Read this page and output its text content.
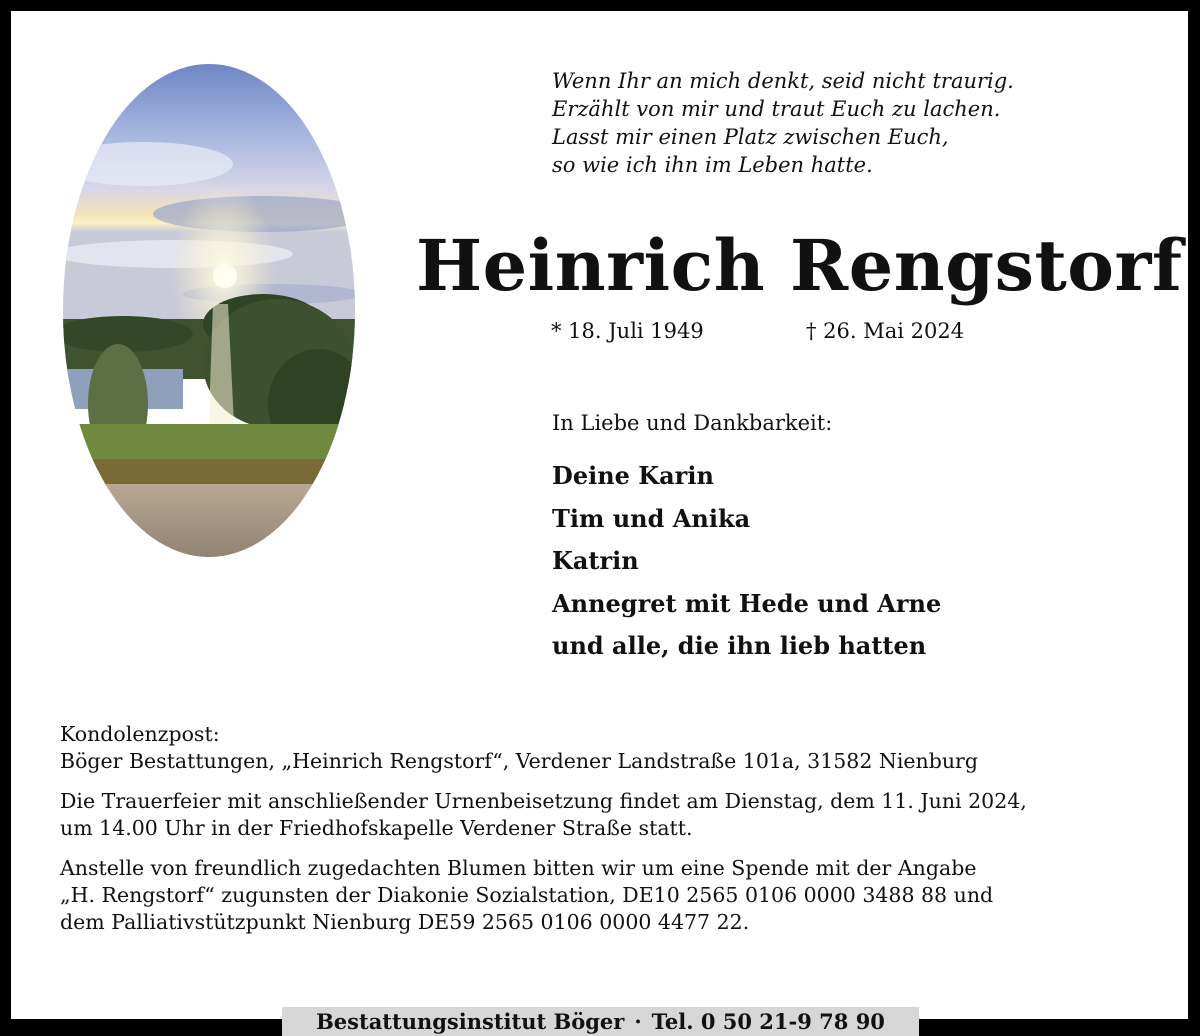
Wenn Ihr an mich denkt, seid nicht traurig.
Erzählt von mir und traut Euch zu lachen.
Lasst mir einen Platz zwischen Euch,
so wie ich ihn im Leben hatte.
Heinrich Rengstorf
* 18. Juli 1949	† 26. Mai 2024
In Liebe und Dankbarkeit:
Deine Karin
Tim und Anika
Katrin
Annegret mit Hede und Arne
und alle, die ihn lieb hatten

Kondolenzpost:
Böger Bestattungen, „Heinrich Rengstorf“, Verdener Landstraße 101a, 31582 Nienburg

Die Trauerfeier mit anschließender Urnenbeisetzung findet am Dienstag, dem 11. Juni 2024,
um 14.00 Uhr in der Friedhofskapelle Verdener Straße statt.

Anstelle von freundlich zugedachten Blumen bitten wir um eine Spende mit der Angabe
„H. Rengstorf“ zugunsten der Diakonie Sozialstation, DE10 2565 0106 0000 3488 88 und
dem Palliativstützpunkt Nienburg DE59 2565 0106 0000 4477 22.

Bestattungsinstitut Böger · Tel. 0 50 21-9 78 90
